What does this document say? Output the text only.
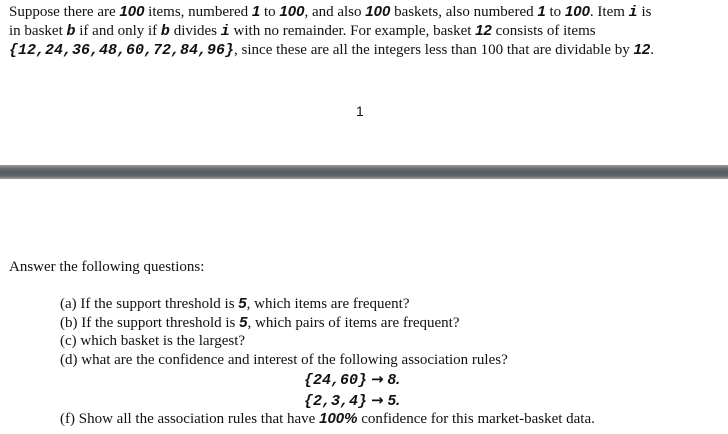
Suppose there are 100 items, numbered 1 to 100, and also 100 baskets, also numbered 1 to 100. Item i is
in basket b if and only if b divides i with no remainder. For example, basket 12 consists of items
{12,24,36,48,60,72,84,96}, since these are all the integers less than 100 that are dividable by 12.
1
Answer the following questions:
(a) If the support threshold is 5, which items are frequent?
(b) If the support threshold is 5, which pairs of items are frequent?
(c) which basket is the largest?
(d) what are the confidence and interest of the following association rules?
{24,60} → 8.
{2,3,4} → 5.
(f) Show all the association rules that have 100% confidence for this market-basket data.
